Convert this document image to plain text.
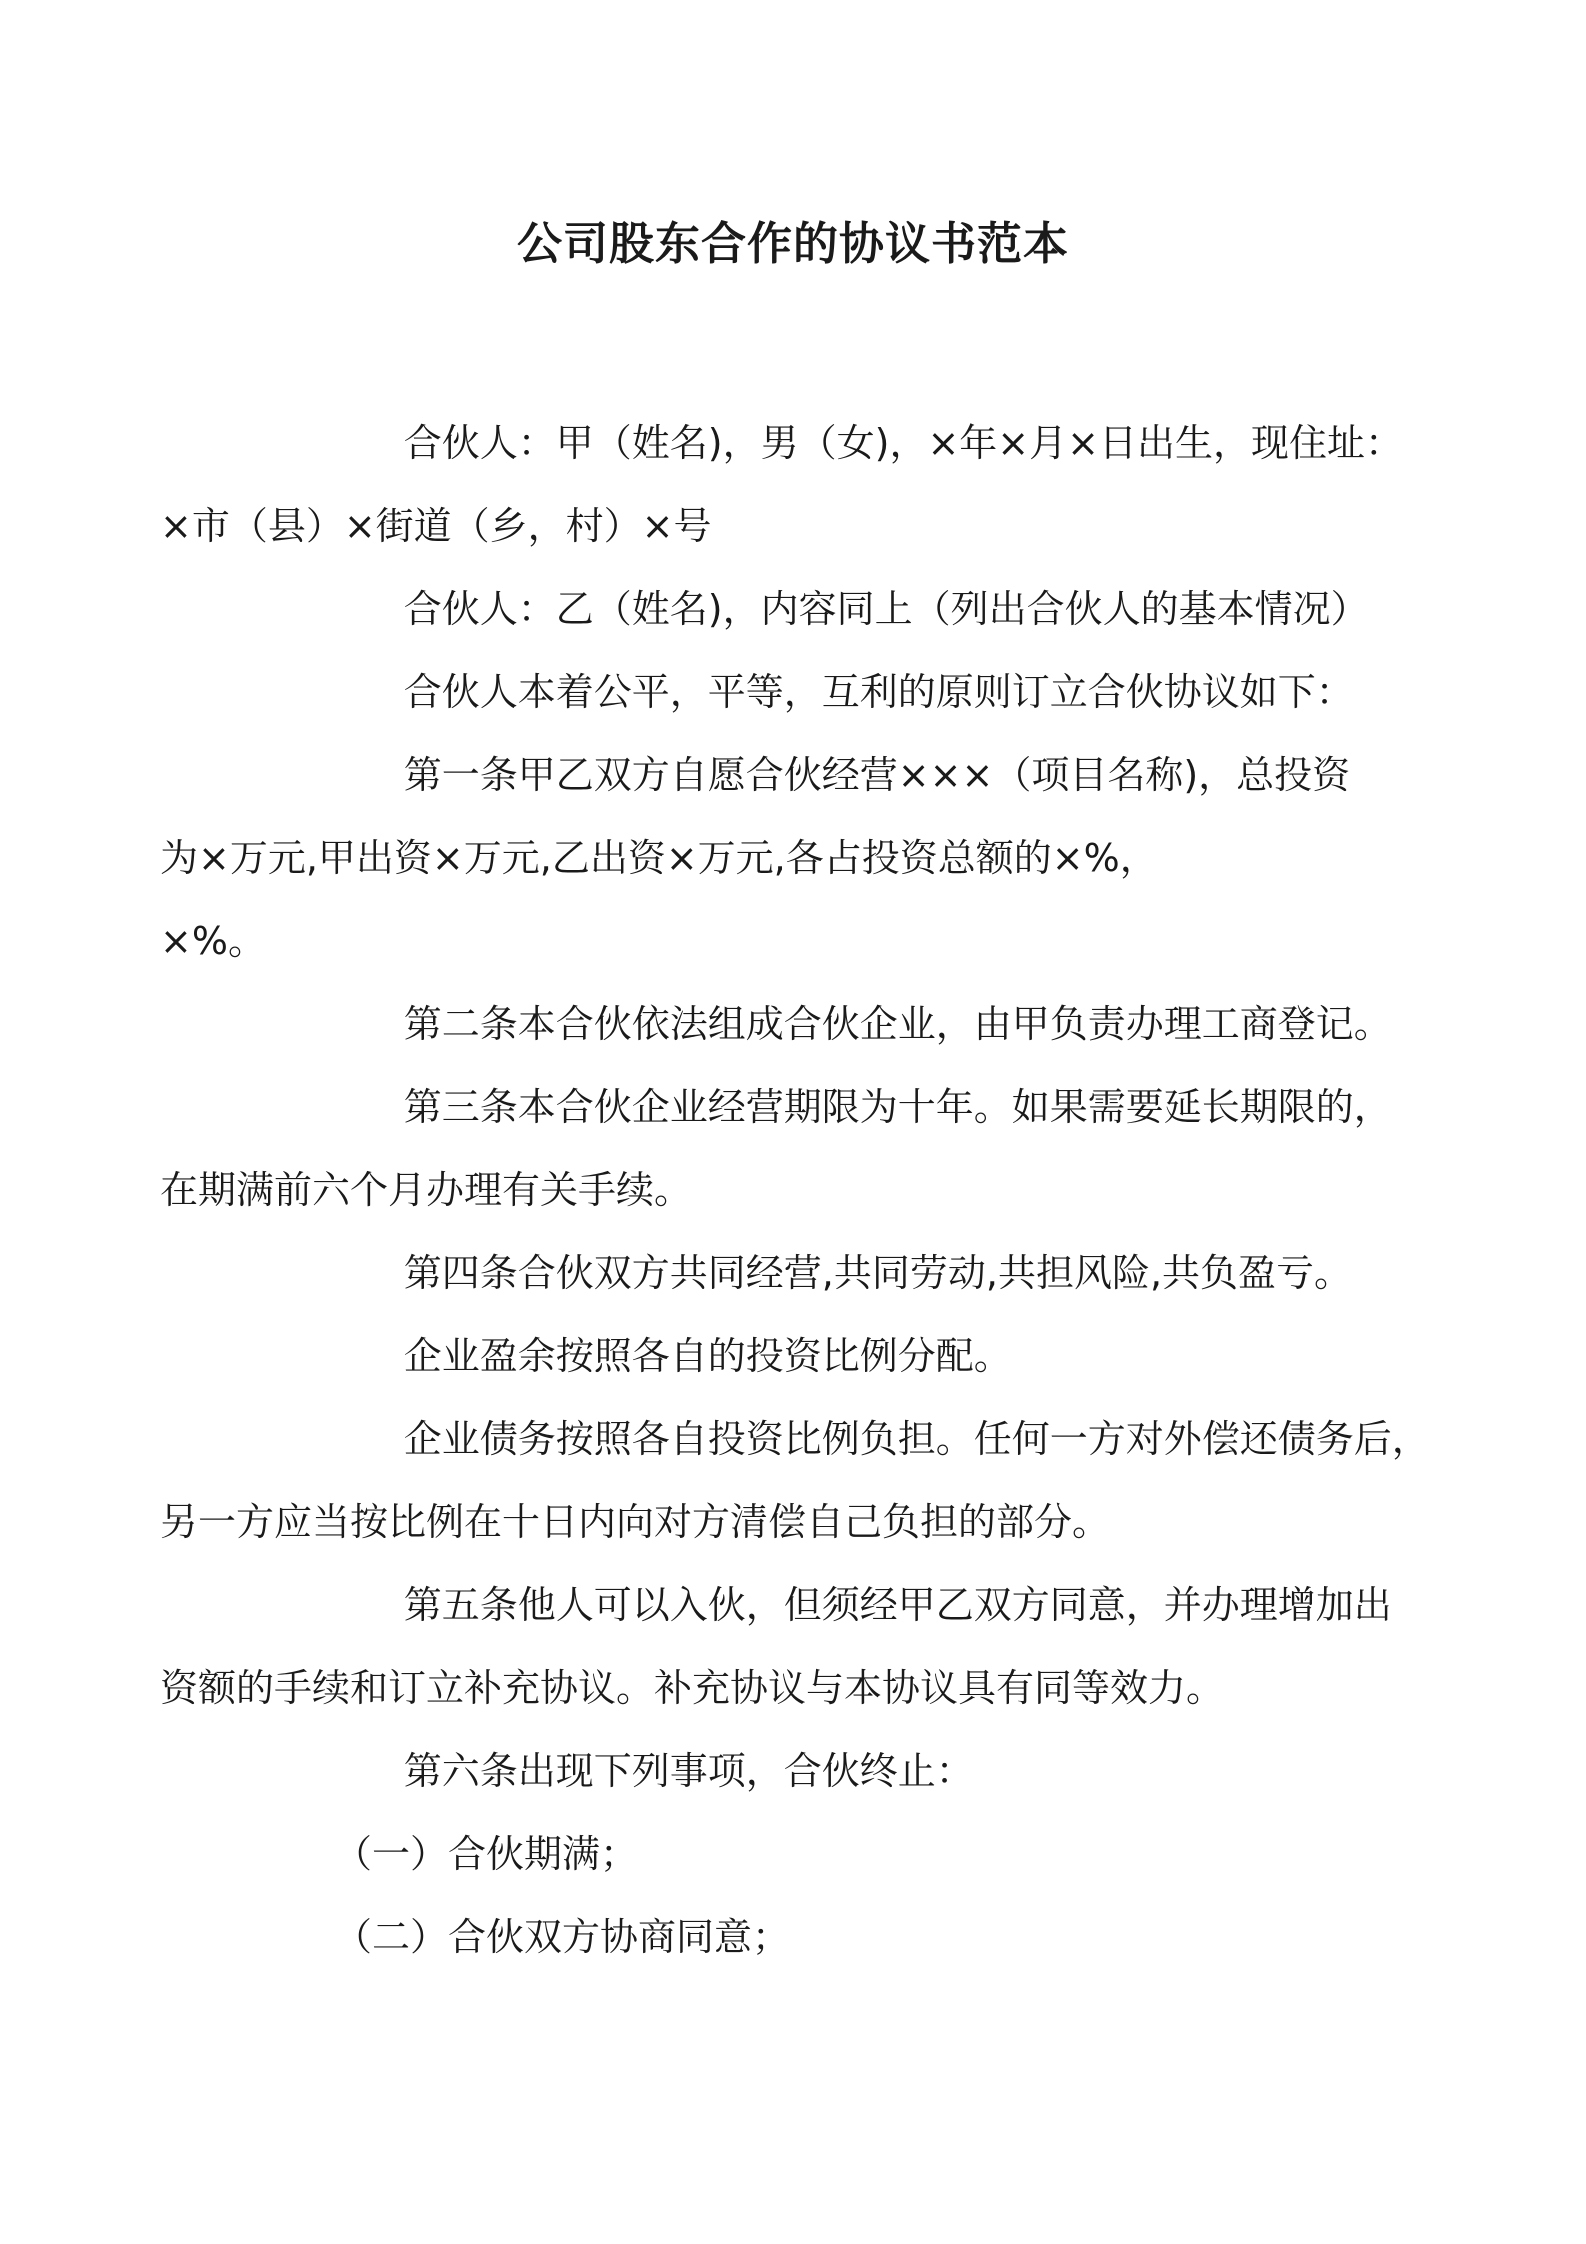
公司股东合作的协议书范本
合伙人：甲（姓名)，男（女)，×年×月×日出生，现住址：
×市（县）×街道（乡，村）×号
合伙人：乙（姓名)，内容同上（列出合伙人的基本情况）
合伙人本着公平，平等，互利的原则订立合伙协议如下：
第一条甲乙双方自愿合伙经营×××（项目名称)，总投资
为×万元,甲出资×万元,乙出资×万元,各占投资总额的×%，
×%。
第二条本合伙依法组成合伙企业，由甲负责办理工商登记。
第三条本合伙企业经营期限为十年。如果需要延长期限的，
在期满前六个月办理有关手续。
第四条合伙双方共同经营,共同劳动,共担风险,共负盈亏。
企业盈余按照各自的投资比例分配。
企业债务按照各自投资比例负担。任何一方对外偿还债务后，
另一方应当按比例在十日内向对方清偿自己负担的部分。
第五条他人可以入伙，但须经甲乙双方同意，并办理增加出
资额的手续和订立补充协议。补充协议与本协议具有同等效力。
第六条出现下列事项，合伙终止：
（一）合伙期满；
（二）合伙双方协商同意；
